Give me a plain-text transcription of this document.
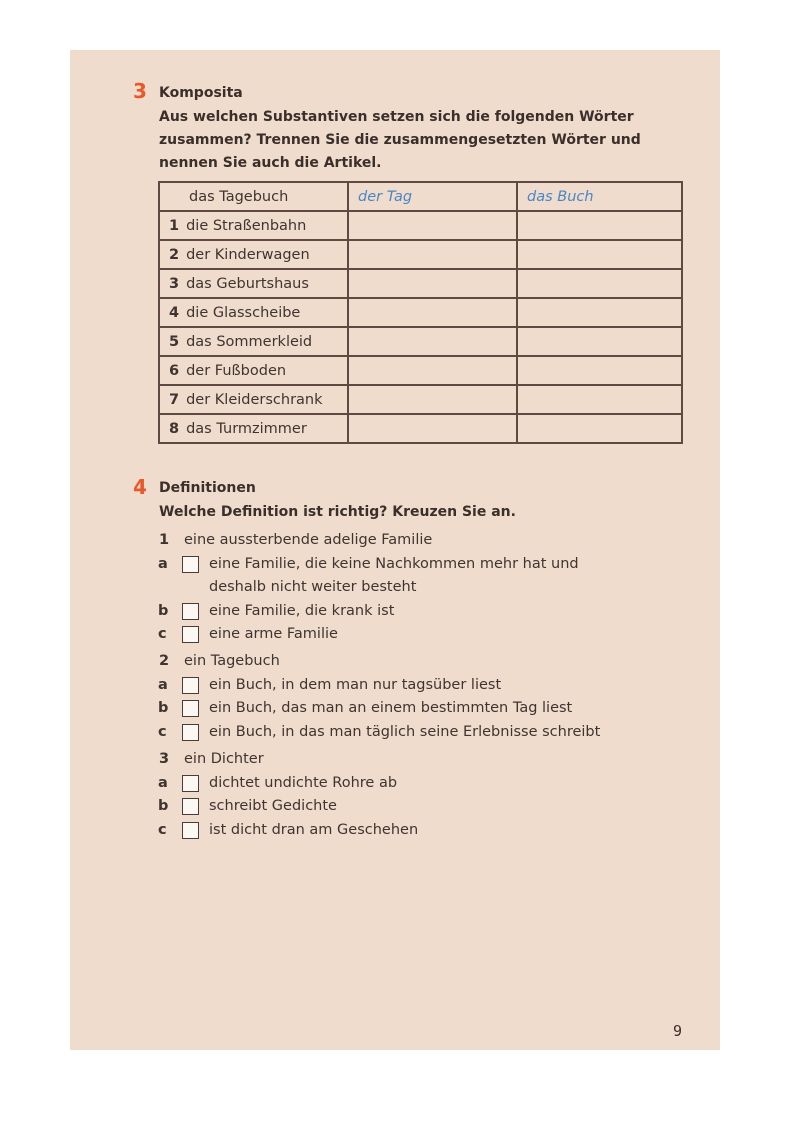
3 Komposita
Aus welchen Substantiven setzen sich die folgenden Wörter
zusammen? Trennen Sie die zusammengesetzten Wörter und
nennen Sie auch die Artikel.
das Tagebuch	der Tag	das Buch
1 die Straßenbahn		
2 der Kinderwagen		
3 das Geburtshaus		
4 die Glasscheibe		
5 das Sommerkleid		
6 der Fußboden		
7 der Kleiderschrank		
8 das Turmzimmer		
4 Definitionen
Welche Definition ist richtig? Kreuzen Sie an.
1 eine aussterbende adelige Familie
a	eine Familie, die keine Nachkommen mehr hat und
deshalb nicht weiter besteht
b	eine Familie, die krank ist
c	eine arme Familie
2 ein Tagebuch
a	ein Buch, in dem man nur tagsüber liest
b	ein Buch, das man an einem bestimmten Tag liest
c	ein Buch, in das man täglich seine Erlebnisse schreibt
3 ein Dichter
a	dichtet undichte Rohre ab
b	schreibt Gedichte
c	ist dicht dran am Geschehen
9
